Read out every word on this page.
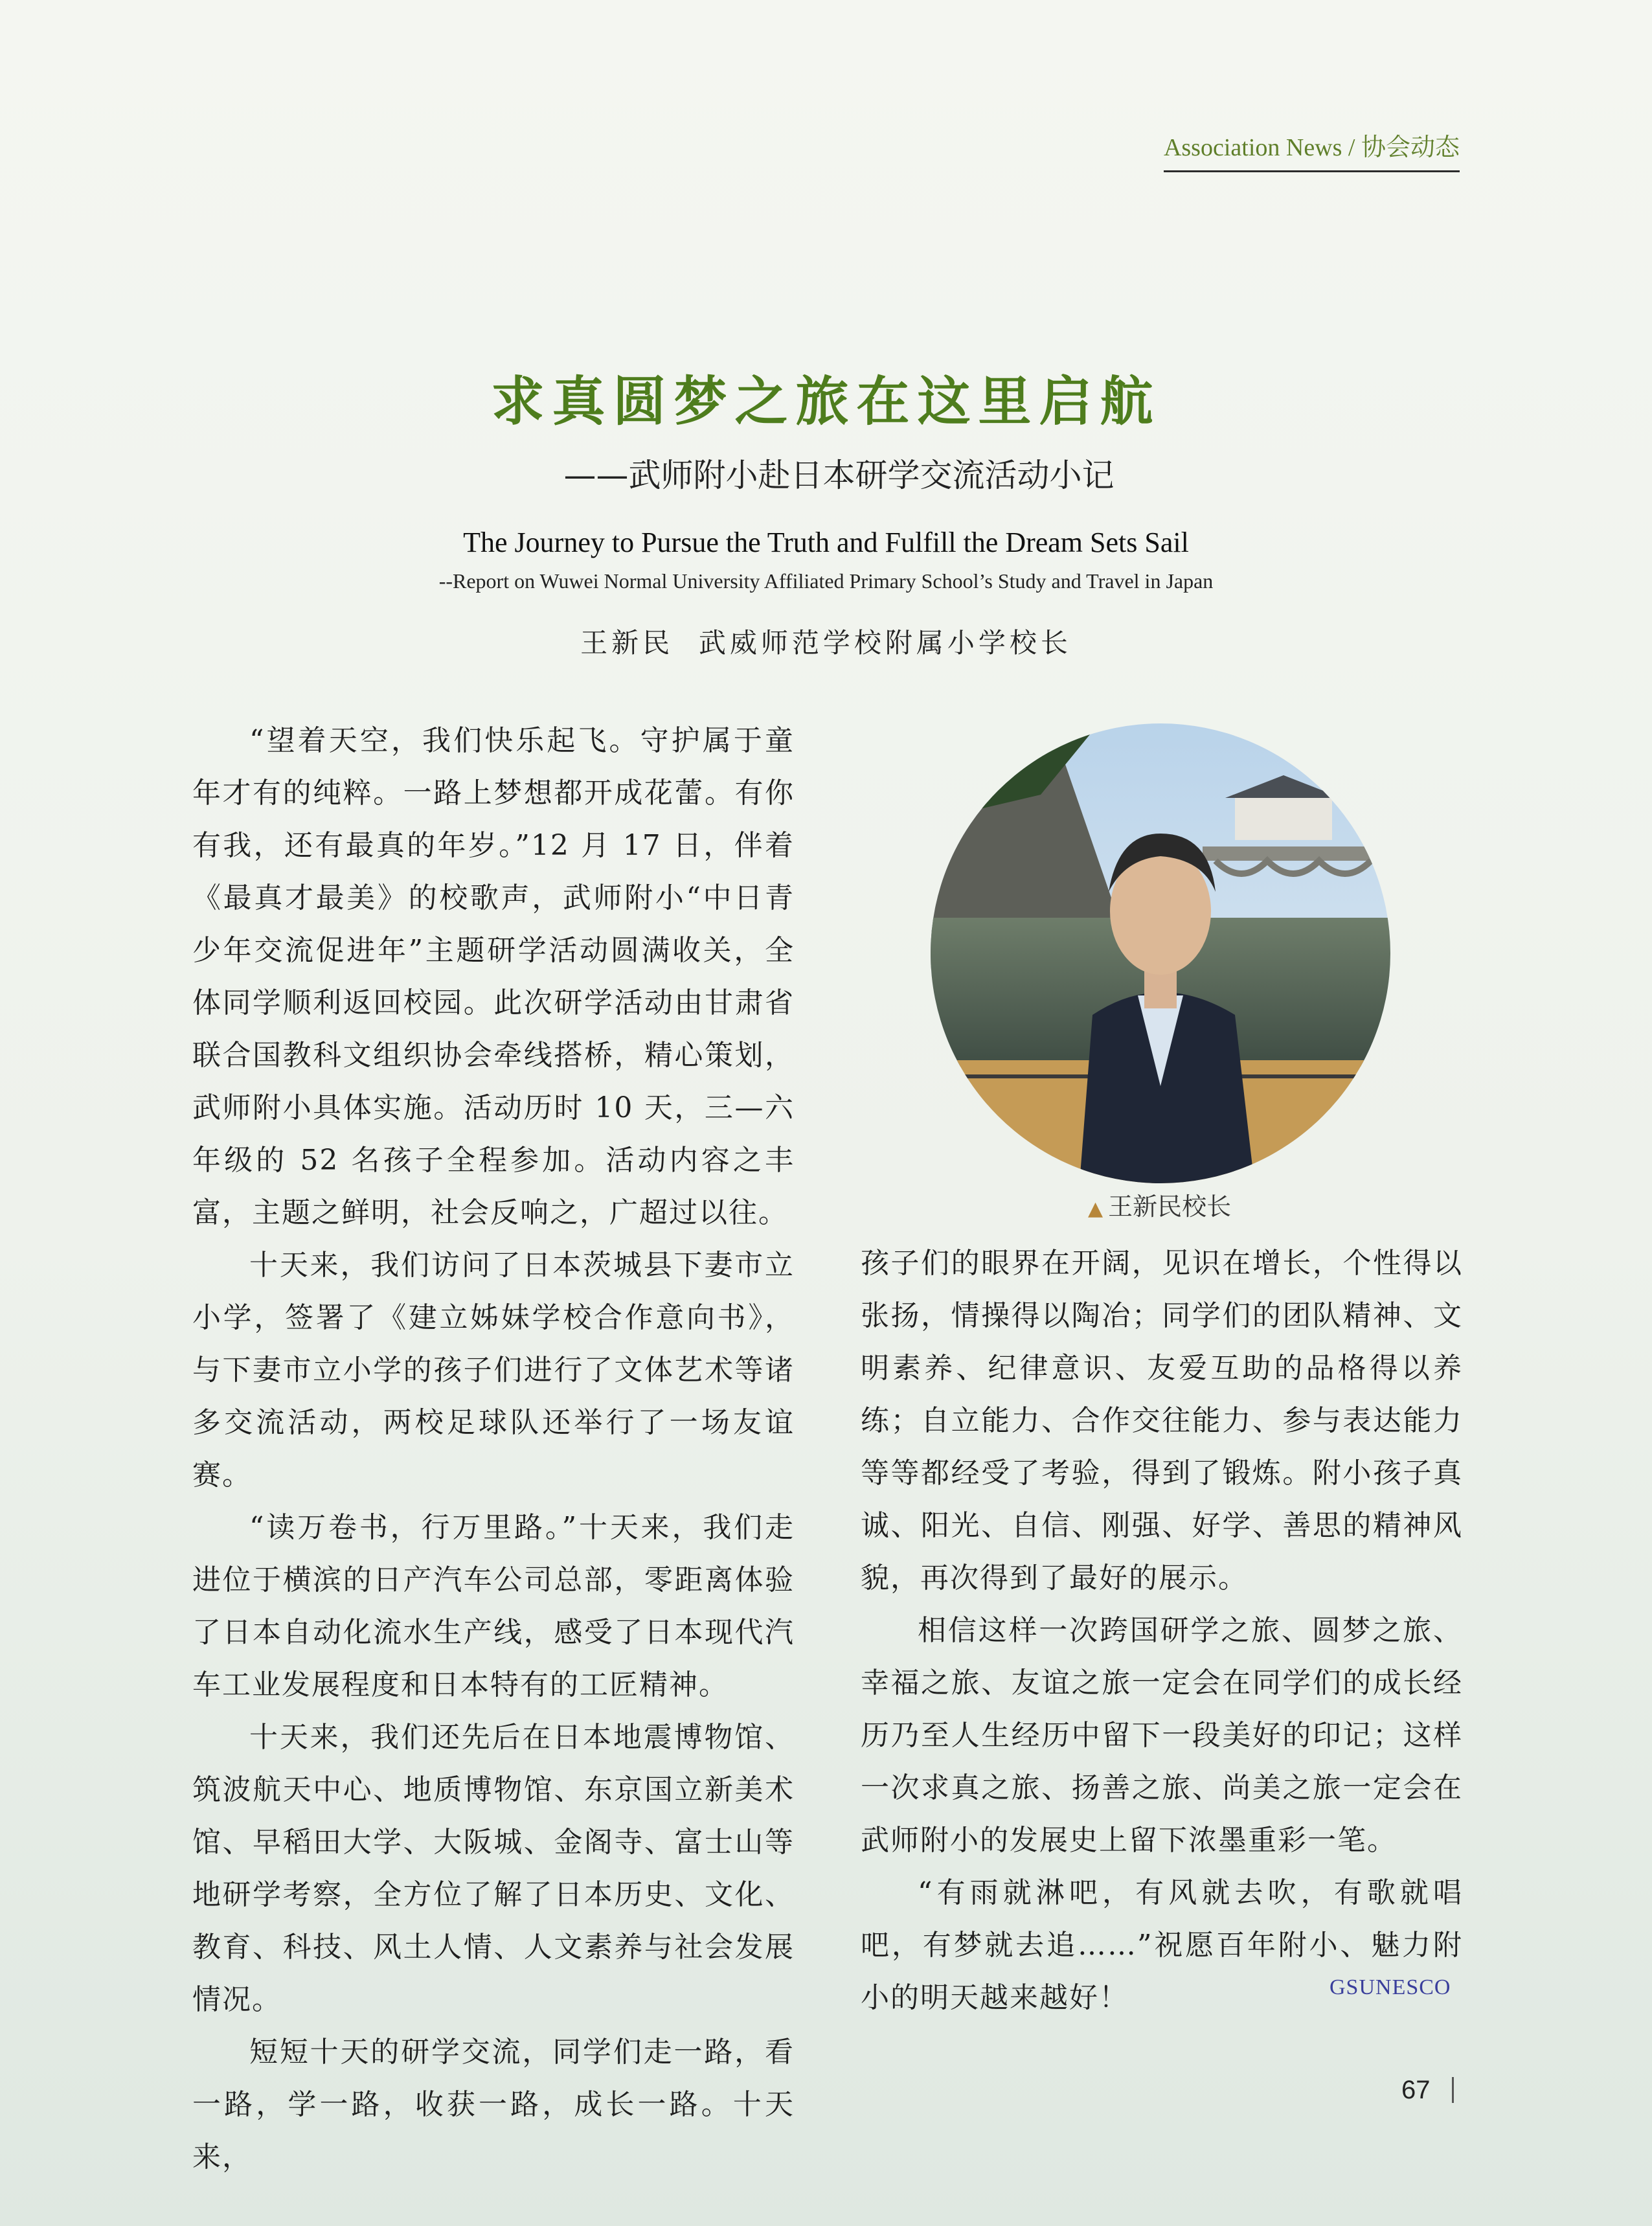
Association News / 协会动态
求真圆梦之旅在这里启航
——武师附小赴日本研学交流活动小记
The Journey to Pursue the Truth and Fulfill the Dream Sets Sail
--Report on Wuwei Normal University Affiliated Primary School’s Study and Travel in Japan
王新民  武威师范学校附属小学校长

“望着天空，我们快乐起飞。守护属于童年才有的纯粹。一路上梦想都开成花蕾。有你有我，还有最真的年岁。”12 月 17 日，伴着《最真才最美》的校歌声，武师附小“中日青少年交流促进年”主题研学活动圆满收关，全体同学顺利返回校园。此次研学活动由甘肃省联合国教科文组织协会牵线搭桥，精心策划，武师附小具体实施。活动历时 10 天，三—六年级的 52 名孩子全程参加。活动内容之丰富，主题之鲜明，社会反响之，广超过以往。

十天来，我们访问了日本茨城县下妻市立小学，签署了《建立姊妹学校合作意向书》，与下妻市立小学的孩子们进行了文体艺术等诸多交流活动，两校足球队还举行了一场友谊赛。

“读万卷书，行万里路。”十天来，我们走进位于横滨的日产汽车公司总部，零距离体验了日本自动化流水生产线，感受了日本现代汽车工业发展程度和日本特有的工匠精神。

十天来，我们还先后在日本地震博物馆、筑波航天中心、地质博物馆、东京国立新美术馆、早稻田大学、大阪城、金阁寺、富士山等地研学考察，全方位了解了日本历史、文化、教育、科技、风土人情、人文素养与社会发展情况。

短短十天的研学交流，同学们走一路，看一路，学一路，收获一路，成长一路。十天来，

▲ 王新民校长

孩子们的眼界在开阔，见识在增长，个性得以张扬，情操得以陶冶；同学们的团队精神、文明素养、纪律意识、友爱互助的品格得以养练；自立能力、合作交往能力、参与表达能力等等都经受了考验，得到了锻炼。附小孩子真诚、阳光、自信、刚强、好学、善思的精神风貌，再次得到了最好的展示。

相信这样一次跨国研学之旅、圆梦之旅、幸福之旅、友谊之旅一定会在同学们的成长经历乃至人生经历中留下一段美好的印记；这样一次求真之旅、扬善之旅、尚美之旅一定会在武师附小的发展史上留下浓墨重彩一笔。

“有雨就淋吧，有风就去吹，有歌就唱吧，有梦就去追……”祝愿百年附小、魅力附小的明天越来越好！	GSUNESCO
67
